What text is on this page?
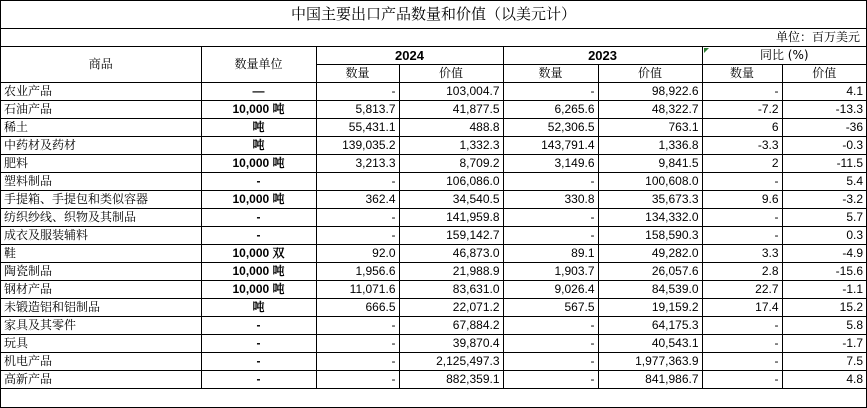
中国主要出口产品数量和价值（以美元计）
单位：百万美元
商品	数量单位	2024		2023		同比 (%)	
		数量	价值	数量	价值	数量	价值
农业产品	—	-	103,004.7	-	98,922.6	-	4.1
石油产品	10,000 吨	5,813.7	41,877.5	6,265.6	48,322.7	-7.2	-13.3
稀土	吨	55,431.1	488.8	52,306.5	763.1	6	-36
中药材及药材	吨	139,035.2	1,332.3	143,791.4	1,336.8	-3.3	-0.3
肥料	10,000 吨	3,213.3	8,709.2	3,149.6	9,841.5	2	-11.5
塑料制品	-	-	106,086.0	-	100,608.0	-	5.4
手提箱、手提包和类似容器	10,000 吨	362.4	34,540.5	330.8	35,673.3	9.6	-3.2
纺织纱线、织物及其制品	-	-	141,959.8	-	134,332.0	-	5.7
成衣及服装辅料	-	-	159,142.7	-	158,590.3	-	0.3
鞋	10,000 双	92.0	46,873.0	89.1	49,282.0	3.3	-4.9
陶瓷制品	10,000 吨	1,956.6	21,988.9	1,903.7	26,057.6	2.8	-15.6
钢材产品	10,000 吨	11,071.6	83,631.0	9,026.4	84,539.0	22.7	-1.1
未锻造铝和铝制品	吨	666.5	22,071.2	567.5	19,159.2	17.4	15.2
家具及其零件	-	-	67,884.2	-	64,175.3	-	5.8
玩具	-	-	39,870.4	-	40,543.1	-	-1.7
机电产品	-	-	2,125,497.3	-	1,977,363.9	-	7.5
高新产品	-	-	882,359.1	-	841,986.7	-	4.8
